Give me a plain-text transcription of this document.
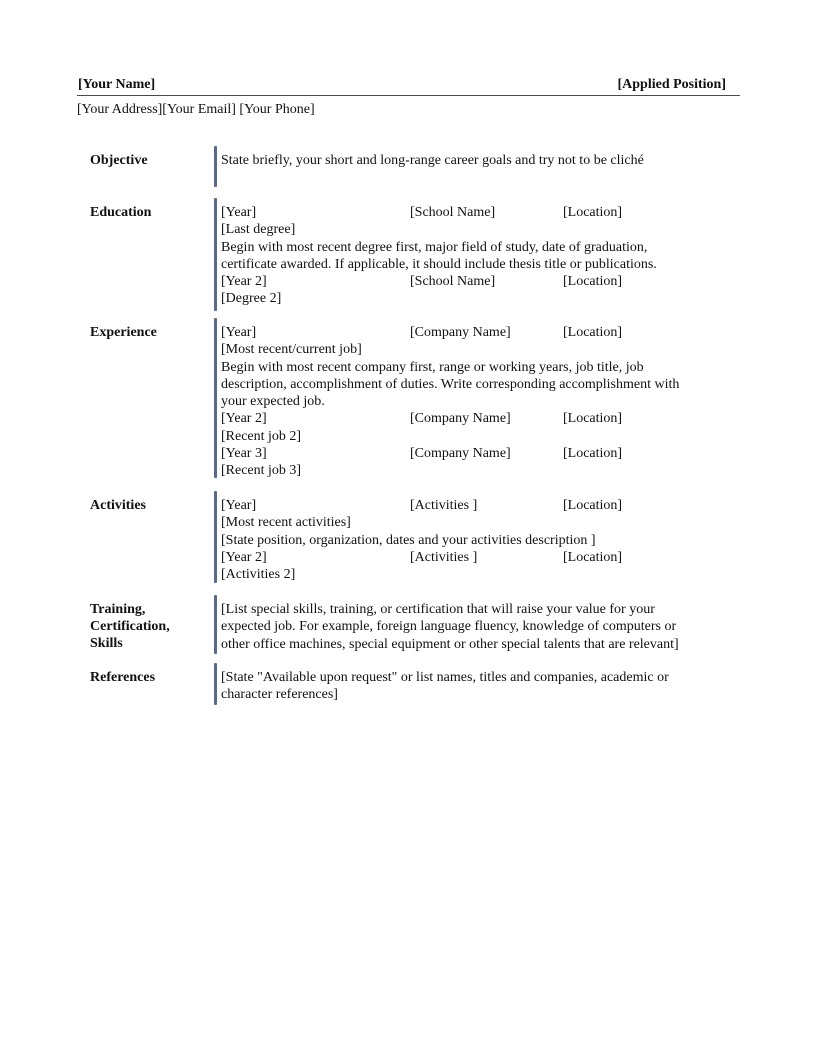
[Your Name]	[Applied Position]
[Your Address][Your Email] [Your Phone]
Objective	State briefly, your short and long-range career goals and try not to be cliché
Education	[Year]	[School Name]	[Location]
[Last degree]
Begin with most recent degree first, major field of study, date of graduation,
certificate awarded. If applicable, it should include thesis title or publications.
[Year 2]	[School Name]	[Location]
[Degree 2]
Experience	[Year]	[Company Name]	[Location]
[Most recent/current job]
Begin with most recent company first, range or working years, job title, job
description, accomplishment of duties. Write corresponding accomplishment with
your expected job.
[Year 2]	[Company Name]	[Location]
[Recent job 2]
[Year 3]	[Company Name]	[Location]
[Recent job 3]
Activities	[Year]	[Activities ]	[Location]
[Most recent activities]
[State position, organization, dates and your activities description ]
[Year 2]	[Activities ]	[Location]
[Activities 2]
Training,
Certification,
Skills
[List special skills, training, or certification that will raise your value for your
expected job. For example, foreign language fluency, knowledge of computers or
other office machines, special equipment or other special talents that are relevant]
References	[State "Available upon request" or list names, titles and companies, academic or
character references]
